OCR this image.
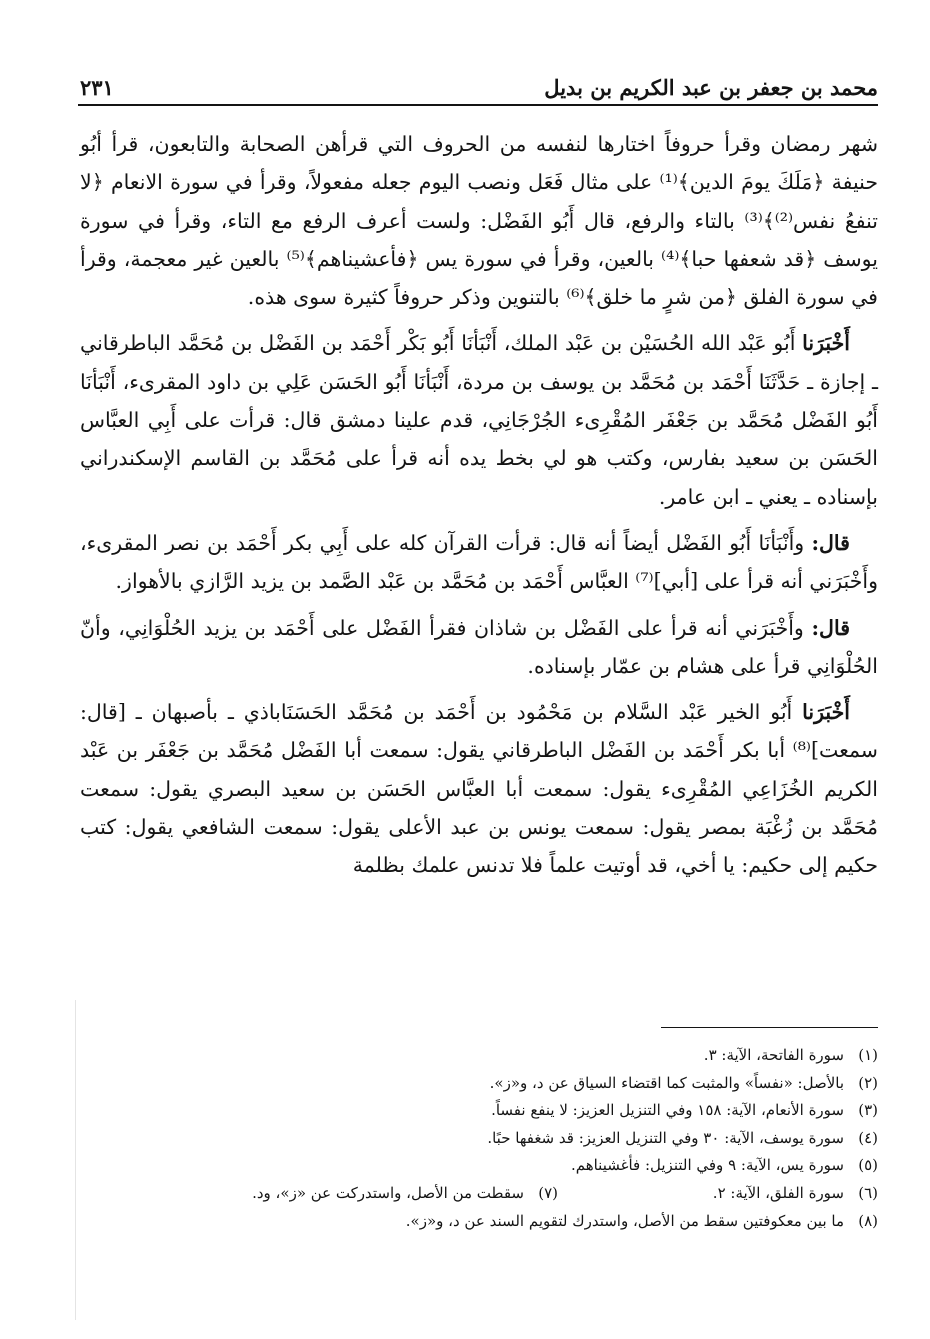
محمد بن جعفر بن عبد الكريم بن بديل
٢٣١

شهر رمضان وقرأ حروفاً اختارها لنفسه من الحروف التي قرأهن الصحابة والتابعون، قرأ أبُو حنيفة ﴿مَلَكَ يومَ الدين﴾⁽¹⁾ على مثال فَعَل ونصب اليوم جعله مفعولاً، وقرأ في سورة الانعام ﴿لا تنفعُ نفس⁽²⁾﴾⁽³⁾ بالتاء والرفع، قال أَبُو الفَضْل: ولست أعرف الرفع مع التاء، وقرأ في سورة يوسف ﴿قد شعفها حبا﴾⁽⁴⁾ بالعين، وقرأ في سورة يس ﴿فأعشيناهم﴾⁽⁵⁾ بالعين غير معجمة، وقرأ في سورة الفلق ﴿من شرٍ ما خلق﴾⁽⁶⁾ بالتنوين وذكر حروفاً كثيرة سوى هذه.

أَخْبَرَنا أَبُو عَبْد الله الحُسَيْن بن عَبْد الملك، أَنْبَأنَا أَبُو بَكْر أَحْمَد بن الفَضْل بن مُحَمَّد الباطرقاني ـ إجازة ـ حَدَّثَنَا أَحْمَد بن مُحَمَّد بن يوسف بن مردة، أَنْبَأنَا أَبُو الحَسَن عَلِي بن داود المقرىء، أَنْبَأنَا أَبُو الفَضْل مُحَمَّد بن جَعْفَر المُقْرِىء الجُرْجَانِي، قدم علينا دمشق قال: قرأت على أَبِي العبَّاس الحَسَن بن سعيد بفارس، وكتب هو لي بخط يده أنه قرأ على مُحَمَّد بن القاسم الإسكندراني بإسناده ـ يعني ـ ابن عامر.

قال: وأَنْبَأنَا أَبُو الفَضْل أيضاً أنه قال: قرأت القرآن كله على أَبِي بكر أَحْمَد بن نصر المقرىء، وأَخْبَرَني أنه قرأ على [أبي]⁽⁷⁾ العبَّاس أَحْمَد بن مُحَمَّد بن عَبْد الصَّمد بن يزيد الرَّازي بالأهواز.

قال: وأَخْبَرَني أنه قرأ على الفَضْل بن شاذان فقرأ الفَضْل على أَحْمَد بن يزيد الحُلْوَانِي، وأنّ الحُلْوَانِي قرأ على هشام بن عمّار بإسناده.

أَخْبَرَنا أَبُو الخير عَبْد السَّلام بن مَحْمُود بن أَحْمَد بن مُحَمَّد الحَسَنَاباذي ـ بأصبهان ـ [قال: سمعت]⁽⁸⁾ أبا بكر أَحْمَد بن الفَضْل الباطرقاني يقول: سمعت أبا الفَضْل مُحَمَّد بن جَعْفَر بن عَبْد الكريم الخُزَاعِي المُقْرِىء يقول: سمعت أبا العبَّاس الحَسَن بن سعيد البصري يقول: سمعت مُحَمَّد بن زُغْبَة بمصر يقول: سمعت يونس بن عبد الأعلى يقول: سمعت الشافعي يقول: كتب حكيم إلى حكيم: يا أخي، قد أوتيت علماً فلا تدنس علمك بظلمة

(١)سورة الفاتحة، الآية: ٣.
(٢)بالأصل: «نفساً» والمثبت كما اقتضاء السياق عن د، و«ز».
(٣)سورة الأنعام، الآية: ١٥٨ وفي التنزيل العزيز: لا ينفع نفساً.
(٤)سورة يوسف، الآية: ٣٠ وفي التنزيل العزيز: قد شغفها حبًا.
(٥)سورة يس، الآية: ٩ وفي التنزيل: فأغشيناهم.
(٦)سورة الفلق، الآية: ٢.
(٧)سقطت من الأصل، واستدركت عن «ز»، ود.
(٨)ما بين معكوفتين سقط من الأصل، واستدرك لتقويم السند عن د، و«ز».
